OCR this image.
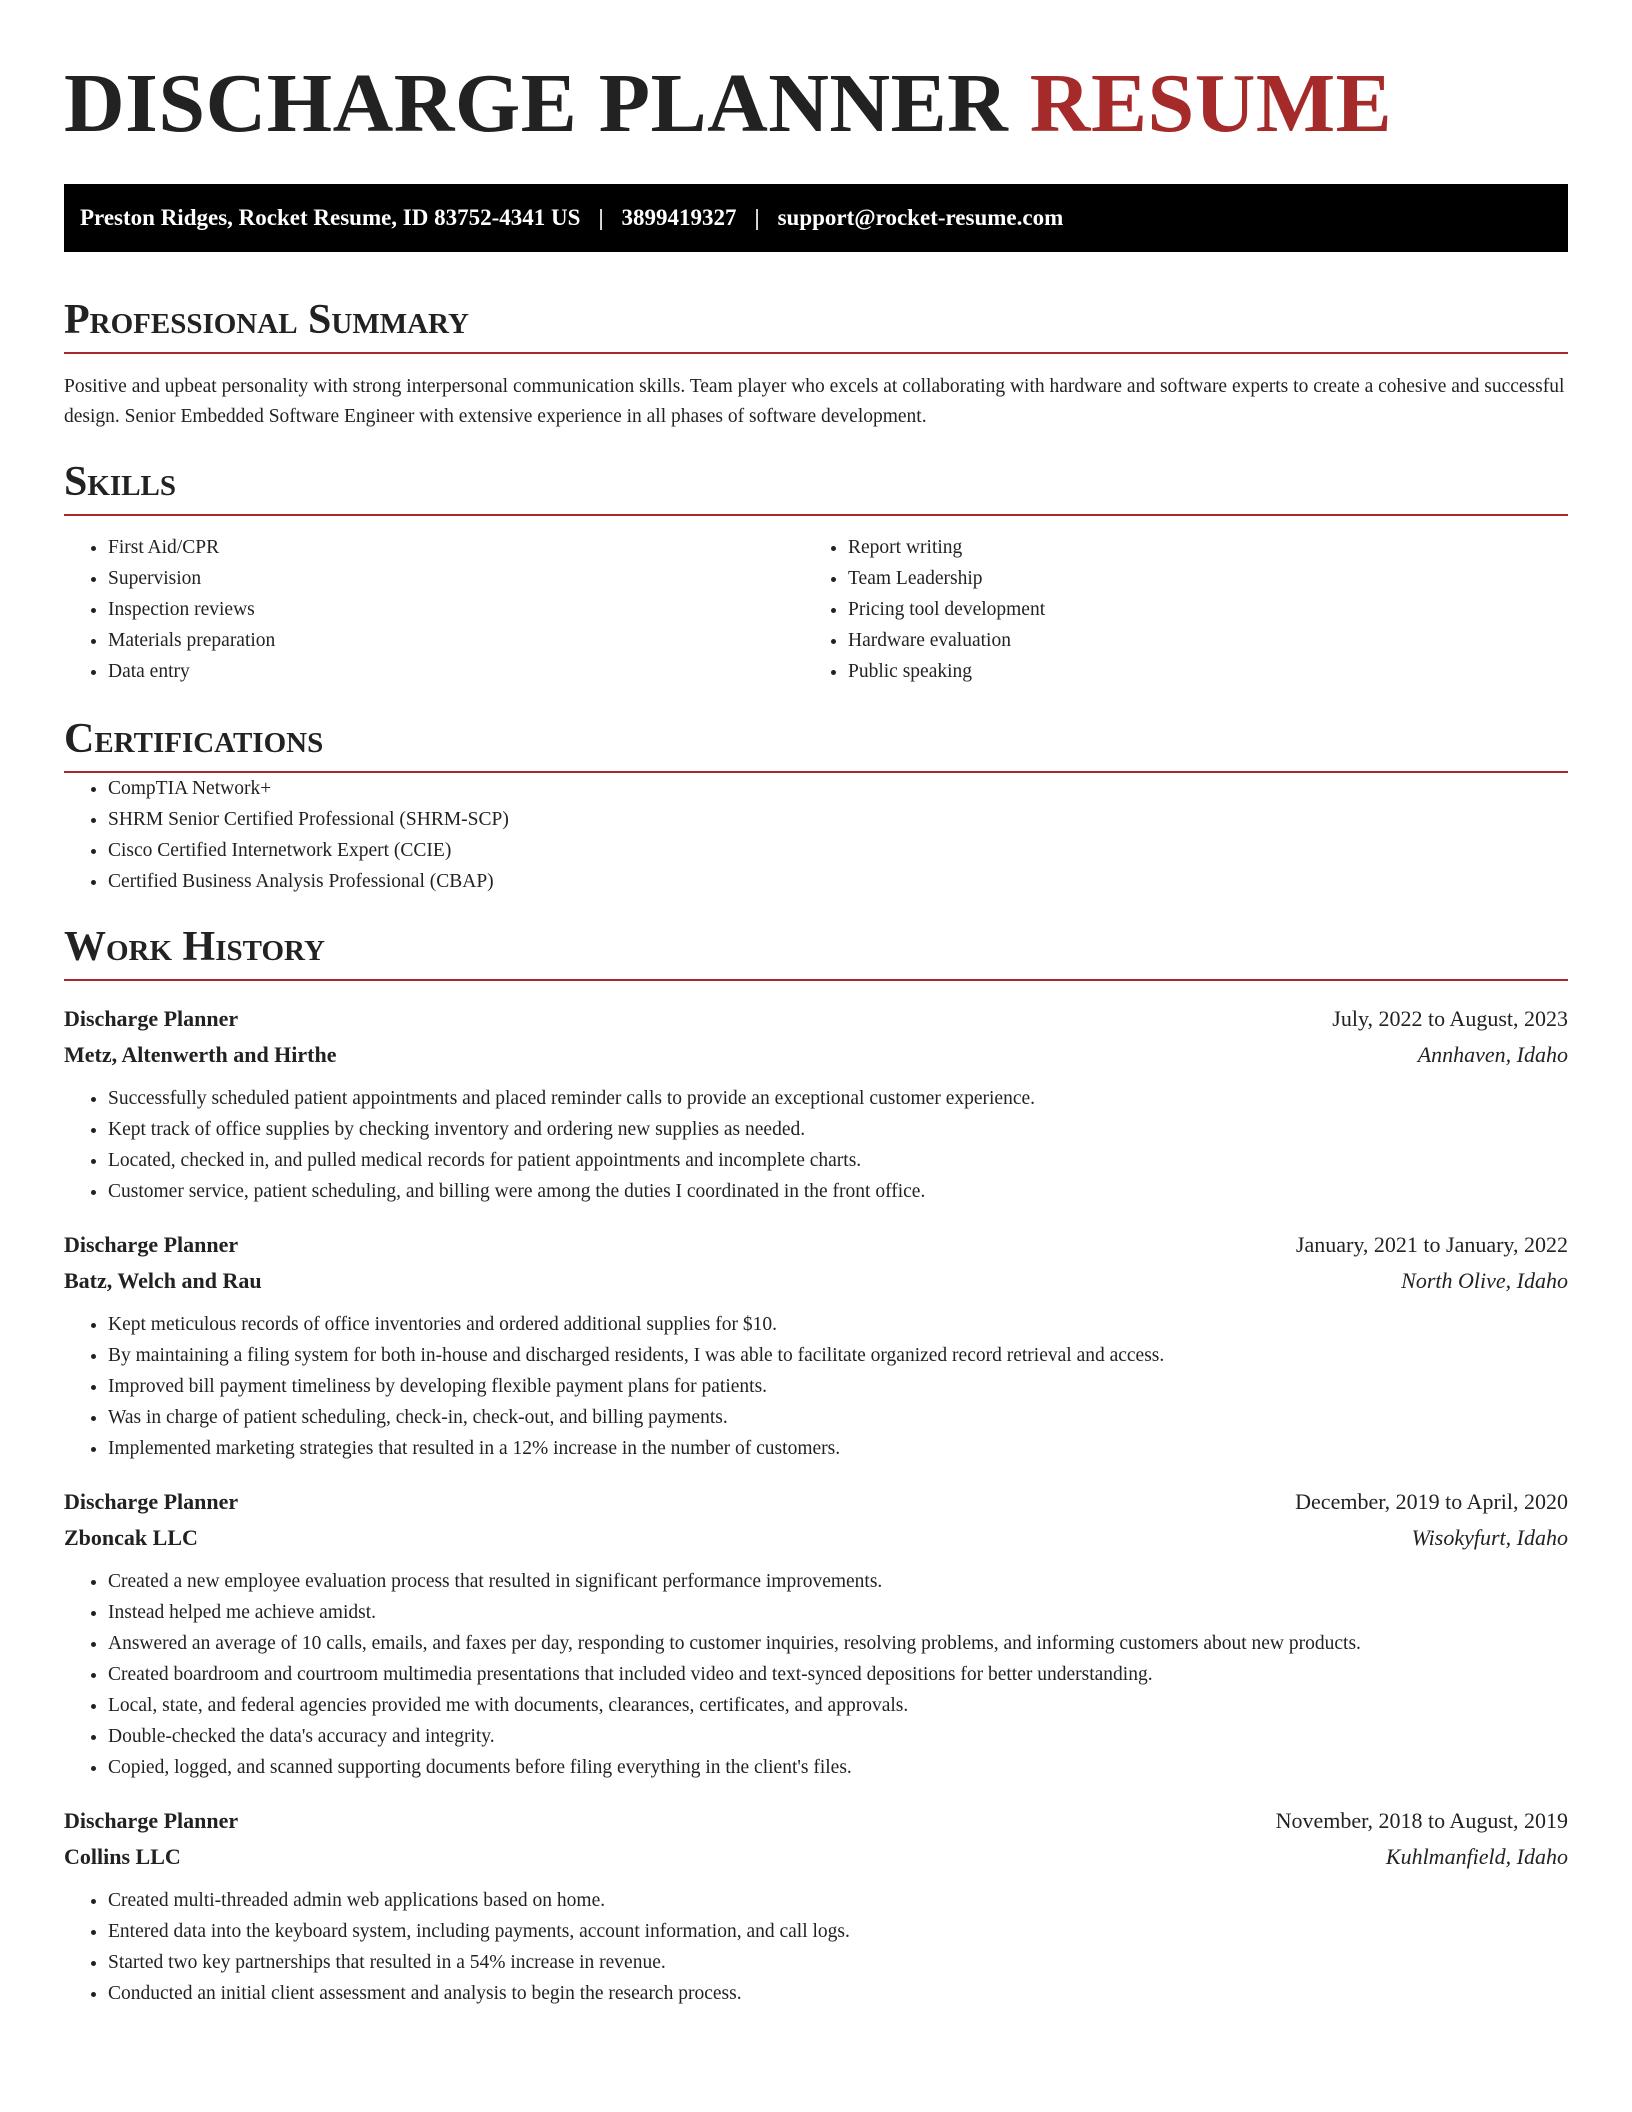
DISCHARGE PLANNER RESUME
Preston Ridges, Rocket Resume, ID 83752-4341 US | 3899419327 | support@rocket-resume.com
Professional Summary

Positive and upbeat personality with strong interpersonal communication skills. Team player who excels at collaborating with hardware and software experts to create a cohesive and successful design. Senior Embedded Software Engineer with extensive experience in all phases of software development.

Skills
• First Aid/CPR
• Supervision
• Inspection reviews
• Materials preparation
• Data entry
• Report writing
• Team Leadership
• Pricing tool development
• Hardware evaluation
• Public speaking
Certifications
• CompTIA Network+
• SHRM Senior Certified Professional (SHRM-SCP)
• Cisco Certified Internetwork Expert (CCIE)
• Certified Business Analysis Professional (CBAP)
Work History
Discharge Planner	July, 2022 to August, 2023
Metz, Altenwerth and Hirthe	Annhaven, Idaho
• Successfully scheduled patient appointments and placed reminder calls to provide an exceptional customer experience.
• Kept track of office supplies by checking inventory and ordering new supplies as needed.
• Located, checked in, and pulled medical records for patient appointments and incomplete charts.
• Customer service, patient scheduling, and billing were among the duties I coordinated in the front office.
Discharge Planner	January, 2021 to January, 2022
Batz, Welch and Rau	North Olive, Idaho
• Kept meticulous records of office inventories and ordered additional supplies for $10.
• By maintaining a filing system for both in-house and discharged residents, I was able to facilitate organized record retrieval and access.
• Improved bill payment timeliness by developing flexible payment plans for patients.
• Was in charge of patient scheduling, check-in, check-out, and billing payments.
• Implemented marketing strategies that resulted in a 12% increase in the number of customers.
Discharge Planner	December, 2019 to April, 2020
Zboncak LLC	Wisokyfurt, Idaho
• Created a new employee evaluation process that resulted in significant performance improvements.
• Instead helped me achieve amidst.
• Answered an average of 10 calls, emails, and faxes per day, responding to customer inquiries, resolving problems, and informing customers about new products.
• Created boardroom and courtroom multimedia presentations that included video and text-synced depositions for better understanding.
• Local, state, and federal agencies provided me with documents, clearances, certificates, and approvals.
• Double-checked the data's accuracy and integrity.
• Copied, logged, and scanned supporting documents before filing everything in the client's files.
Discharge Planner	November, 2018 to August, 2019
Collins LLC	Kuhlmanfield, Idaho
• Created multi-threaded admin web applications based on home.
• Entered data into the keyboard system, including payments, account information, and call logs.
• Started two key partnerships that resulted in a 54% increase in revenue.
• Conducted an initial client assessment and analysis to begin the research process.
